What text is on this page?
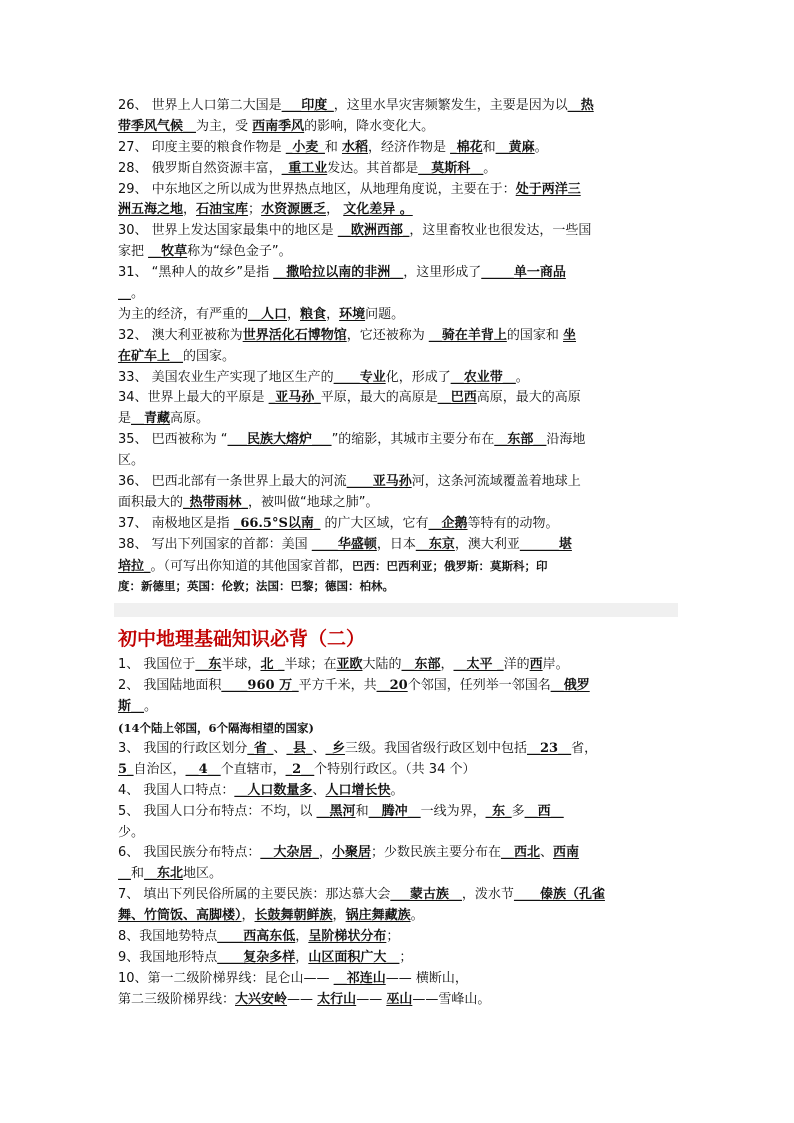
26、 世界上人口第二大国是___印度_，这里水旱灾害频繁发生，主要是因为以__热
带季风气候__为主，受 西南季风的影响，降水变化大。
27、 印度主要的粮食作物是 _小麦_和 水稻，经济作物是 _棉花和__黄麻。
28、 俄罗斯自然资源丰富，_重工业发达。其首都是__莫斯科__。
29、 中东地区之所以成为世界热点地区，从地理角度说，主要在于：处于两洋三
洲五海之地，石油宝库；水资源匮乏， 文化差异 。
30、 世界上发达国家最集中的地区是 __欧洲西部_，这里畜牧业也很发达，一些国
家把 __牧草称为“绿色金子”。
31、 “黑种人的故乡”是指 __撒哈拉以南的非洲__，这里形成了_____单一商品
__。
为主的经济，有严重的__人口，粮食，环境问题。
32、 澳大利亚被称为世界活化石博物馆，它还被称为 __骑在羊背上的国家和 坐
在矿车上__的国家。
33、 美国农业生产实现了地区生产的____专业化，形成了__农业带__。
34、世界上最大的平原是 _亚马孙_平原，最大的高原是__巴西高原，最大的高原
是__青藏高原。
35、 巴西被称为 “___民族大熔炉___”的缩影，其城市主要分布在__东部__沿海地
区。
36、 巴西北部有一条世界上最大的河流____亚马孙河，这条河流域覆盖着地球上
面积最大的_热带雨林_，被叫做“地球之肺”。
37、 南极地区是指 _66.5°S以南_ 的广大区域，它有__企鹅等特有的动物。
38、 写出下列国家的首都：美国 ____华盛顿，日本__东京，澳大利亚______堪
培拉_。（可写出你知道的其他国家首都，巴西：巴西利亚；俄罗斯：莫斯科；印
度：新德里；英国：伦敦；法国：巴黎；德国：柏林。
初中地理基础知识必背（二）
1、 我国位于__东半球，北 _半球；在亚欧大陆的__东部，__太平 _洋的西岸。
2、 我国陆地面积____960 万_平方千米，共__20个邻国，任列举一邻国名__俄罗
斯__。
(14个陆上邻国，6个隔海相望的国家)
3、 我国的行政区划分_省_、_县_、_乡三级。我国省级行政区划中包括__23__省，
5_自治区，__4__个直辖市，_2__个特别行政区。（共 34 个）
4、 我国人口特点：__人口数量多、人口增长快。
5、 我国人口分布特点：不均，以 __黑河和__腾冲__一线为界，_东_多__西__
少。
6、 我国民族分布特点：__大杂居_，小聚居；少数民族主要分布在__西北、西南
__和__东北地区。
7、 填出下列民俗所属的主要民族：那达慕大会___蒙古族__，泼水节____傣族（孔雀
舞、竹筒饭、高脚楼），长鼓舞朝鲜族，锅庄舞藏族。
8、我国地势特点____西高东低，呈阶梯状分布；
9、我国地形特点____复杂多样，山区面积广大__；
10、第一二级阶梯界线：昆仑山—— __祁连山—— 横断山，
第二三级阶梯界线：大兴安岭—— 太行山—— 巫山——雪峰山。
